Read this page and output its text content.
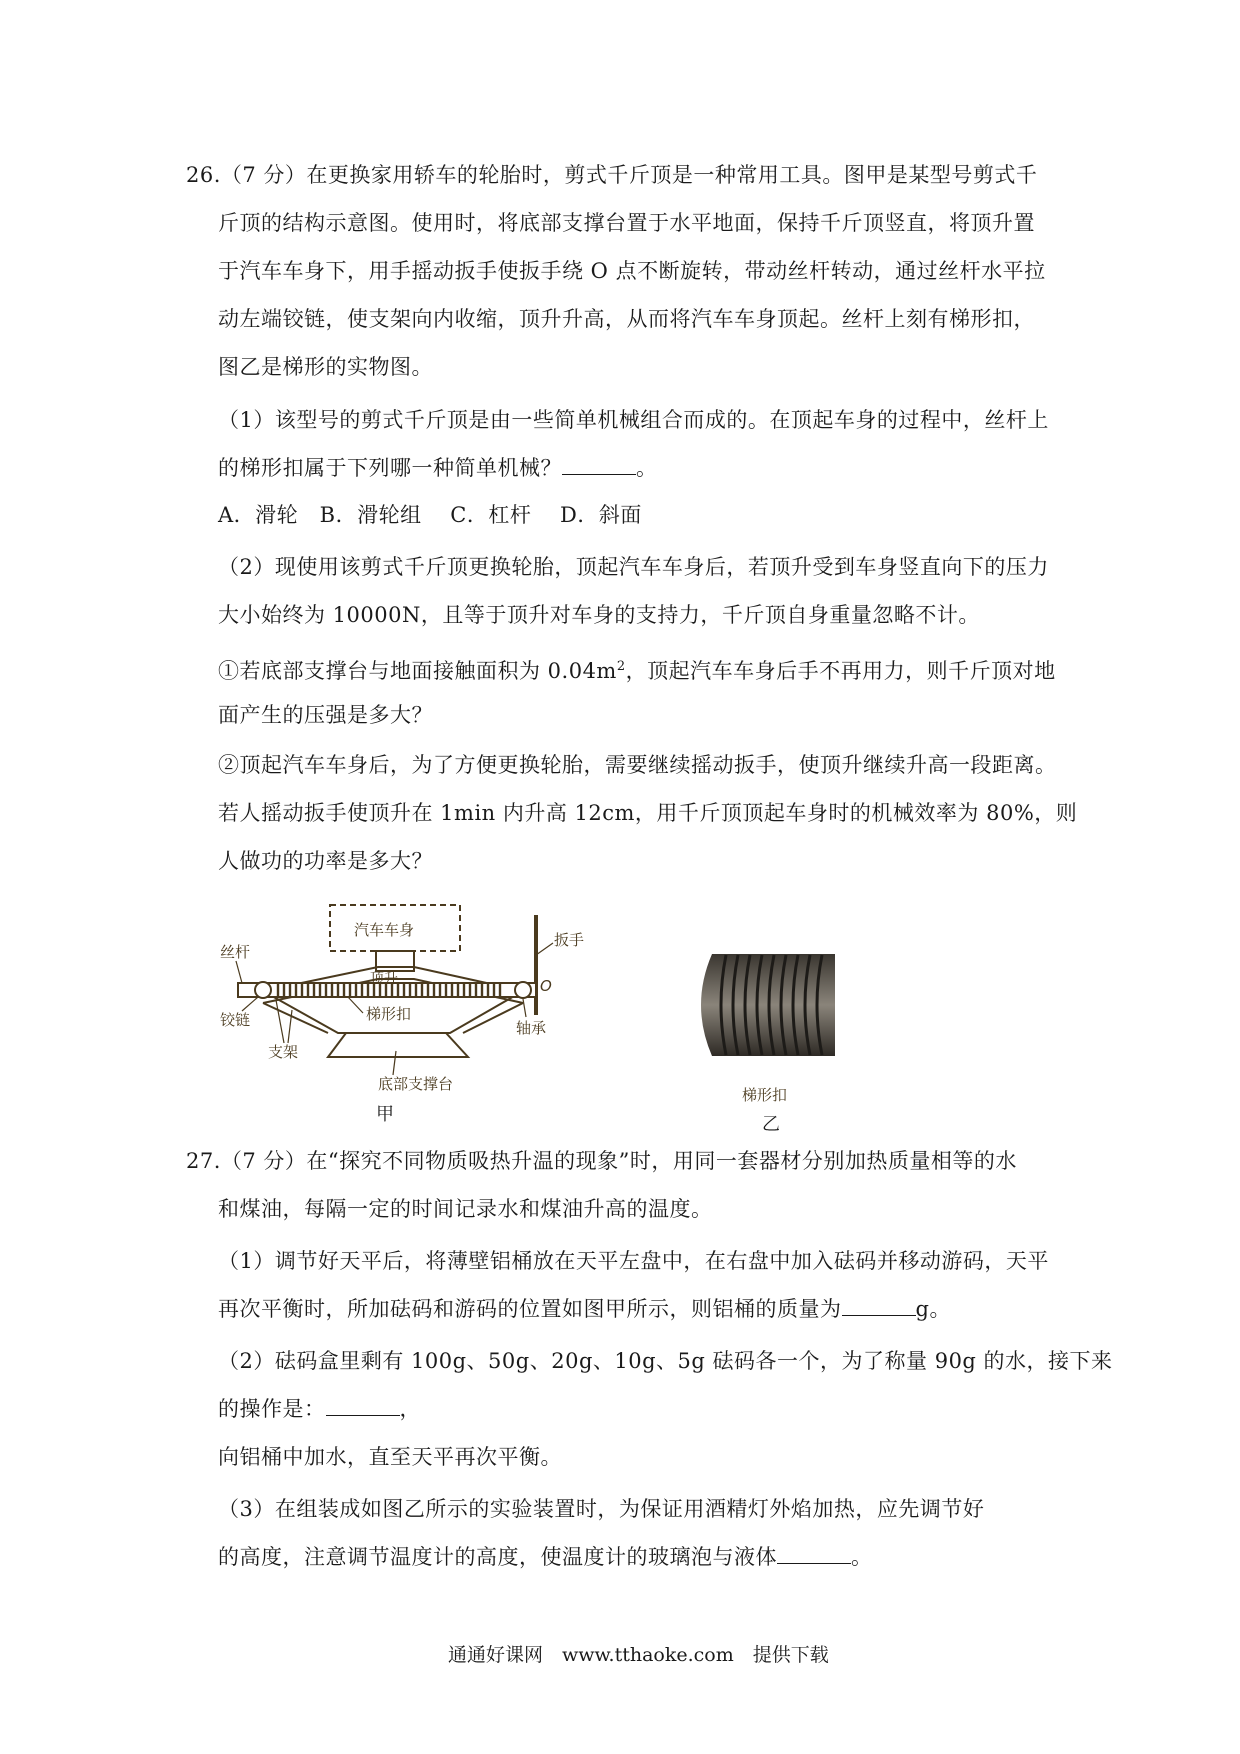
26.（7 分）在更换家用轿车的轮胎时，剪式千斤顶是一种常用工具。图甲是某型号剪式千
斤顶的结构示意图。使用时，将底部支撑台置于水平地面，保持千斤顶竖直，将顶升置
于汽车车身下，用手摇动扳手使扳手绕 O 点不断旋转，带动丝杆转动，通过丝杆水平拉
动左端铰链，使支架向内收缩，顶升升高，从而将汽车车身顶起。丝杆上刻有梯形扣，
图乙是梯形的实物图。
（1）该型号的剪式千斤顶是由一些简单机械组合而成的。在顶起车身的过程中，丝杆上
的梯形扣属于下列哪一种简单机械？	。
A．滑轮　B．滑轮组　 C．杠杆　 D．斜面
（2）现使用该剪式千斤顶更换轮胎，顶起汽车车身后，若顶升受到车身竖直向下的压力
大小始终为 10000N，且等于顶升对车身的支持力，千斤顶自身重量忽略不计。
①若底部支撑台与地面接触面积为 $0.04m^2$，顶起汽车车身后手不再用力，则千斤顶对地
面产生的压强是多大？
②顶起汽车车身后，为了方便更换轮胎，需要继续摇动扳手，使顶升继续升高一段距离。
若人摇动扳手使顶升在 1min 内升高 12cm，用千斤顶顶起车身时的机械效率为 80%，则
人做功的功率是多大？
汽车车身
扳手
丝杆
顶升
铰链	梯形扣
支架
O
轴承
底部支撑台
甲
梯形扣
乙
27.（7 分）在“探究不同物质吸热升温的现象”时，用同一套器材分别加热质量相等的水
和煤油，每隔一定的时间记录水和煤油升高的温度。
（1）调节好天平后，将薄壁铝桶放在天平左盘中，在右盘中加入砝码并移动游码，天平
再次平衡时，所加砝码和游码的位置如图甲所示，则铝桶的质量为	g。
（2）砝码盒里剩有 100g、50g、20g、10g、5g 砝码各一个，为了称量 90g 的水，接下来
的操作是：	，
向铝桶中加水，直至天平再次平衡。
（3）在组装成如图乙所示的实验装置时，为保证用酒精灯外焰加热，应先调节好
的高度，注意调节温度计的高度，使温度计的玻璃泡与液体	。
通通好课网　www.tthaoke.com　提供下载
